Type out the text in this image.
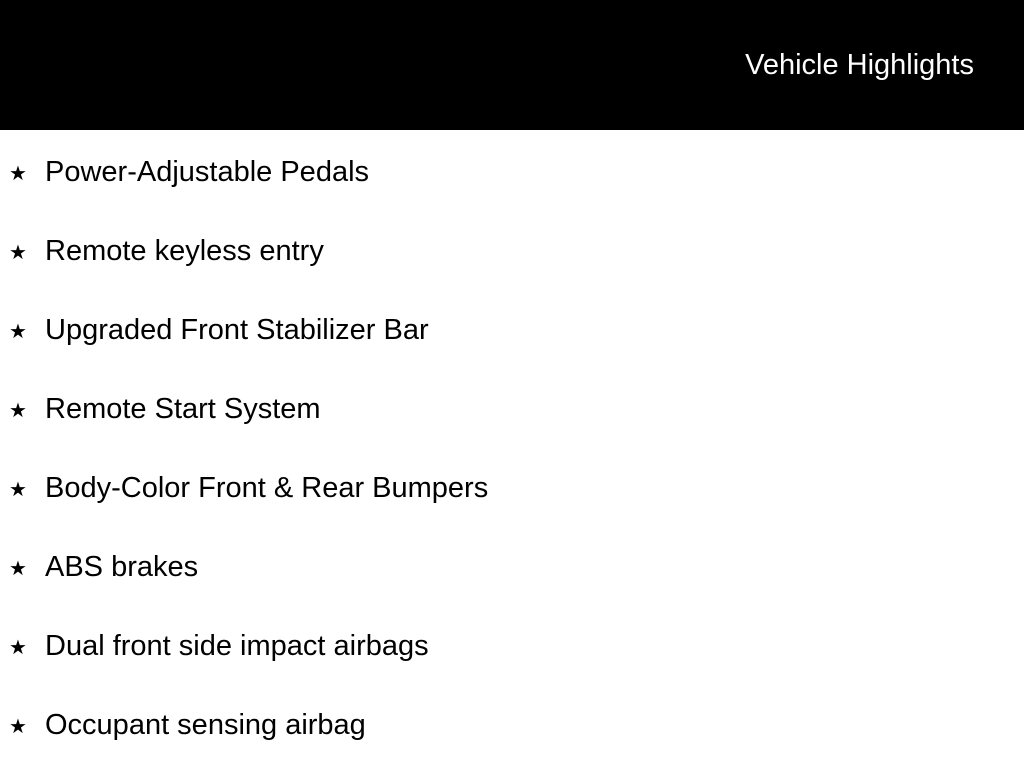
Vehicle Highlights
★ Power-Adjustable Pedals
★ Remote keyless entry
★ Upgraded Front Stabilizer Bar
★ Remote Start System
★ Body-Color Front & Rear Bumpers
★ ABS brakes
★ Dual front side impact airbags
★ Occupant sensing airbag
